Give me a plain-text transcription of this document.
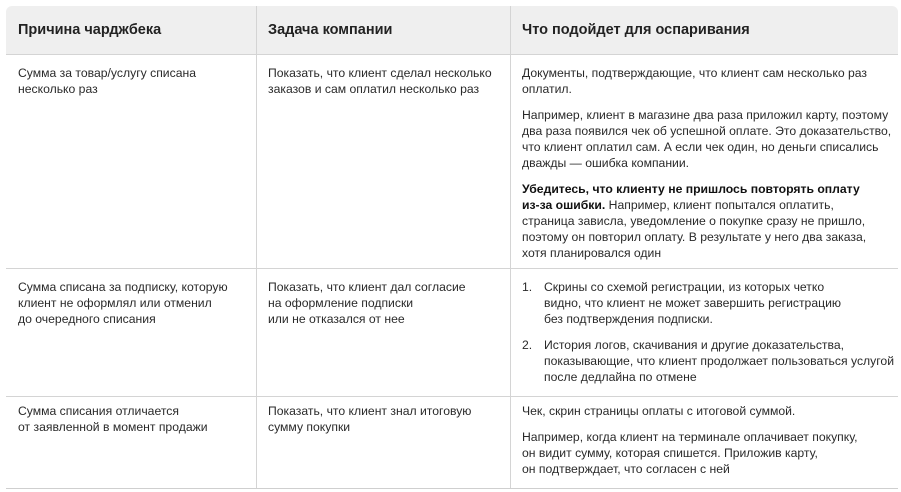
Причина чарджбека	Задача компании	Что подойдет для оспаривания
Сумма за товар/услугу списана
несколько раз
Показать, что клиент сделал несколько
заказов и сам оплатил несколько раз

Документы, подтверждающие, что клиент сам несколько раз
оплатил.

Например, клиент в магазине два раза приложил карту, поэтому
два раза появился чек об успешной оплате. Это доказательство,
что клиент оплатил сам. А если чек один, но деньги списались
дважды — ошибка компании.

Убедитесь, что клиенту не пришлось повторять оплату
из-за ошибки. Например, клиент попытался оплатить,
страница зависла, уведомление о покупке сразу не пришло,
поэтому он повторил оплату. В результате у него два заказа,
хотя планировался один

Сумма списана за подписку, которую
клиент не оформлял или отменил
до очередного списания
Показать, что клиент дал согласие
на оформление подписки
или не отказался от нее
1. Скрины со схемой регистрации, из которых четко
видно, что клиент не может завершить регистрацию
без подтверждения подписки.
2. История логов, скачивания и другие доказательства,
показывающие, что клиент продолжает пользоваться услугой
после дедлайна по отмене
Сумма списания отличается
от заявленной в момент продажи
Показать, что клиент знал итоговую
сумму покупки

Чек, скрин страницы оплаты с итоговой суммой.

Например, когда клиент на терминале оплачивает покупку,
он видит сумму, которая спишется. Приложив карту,
он подтверждает, что согласен с ней
